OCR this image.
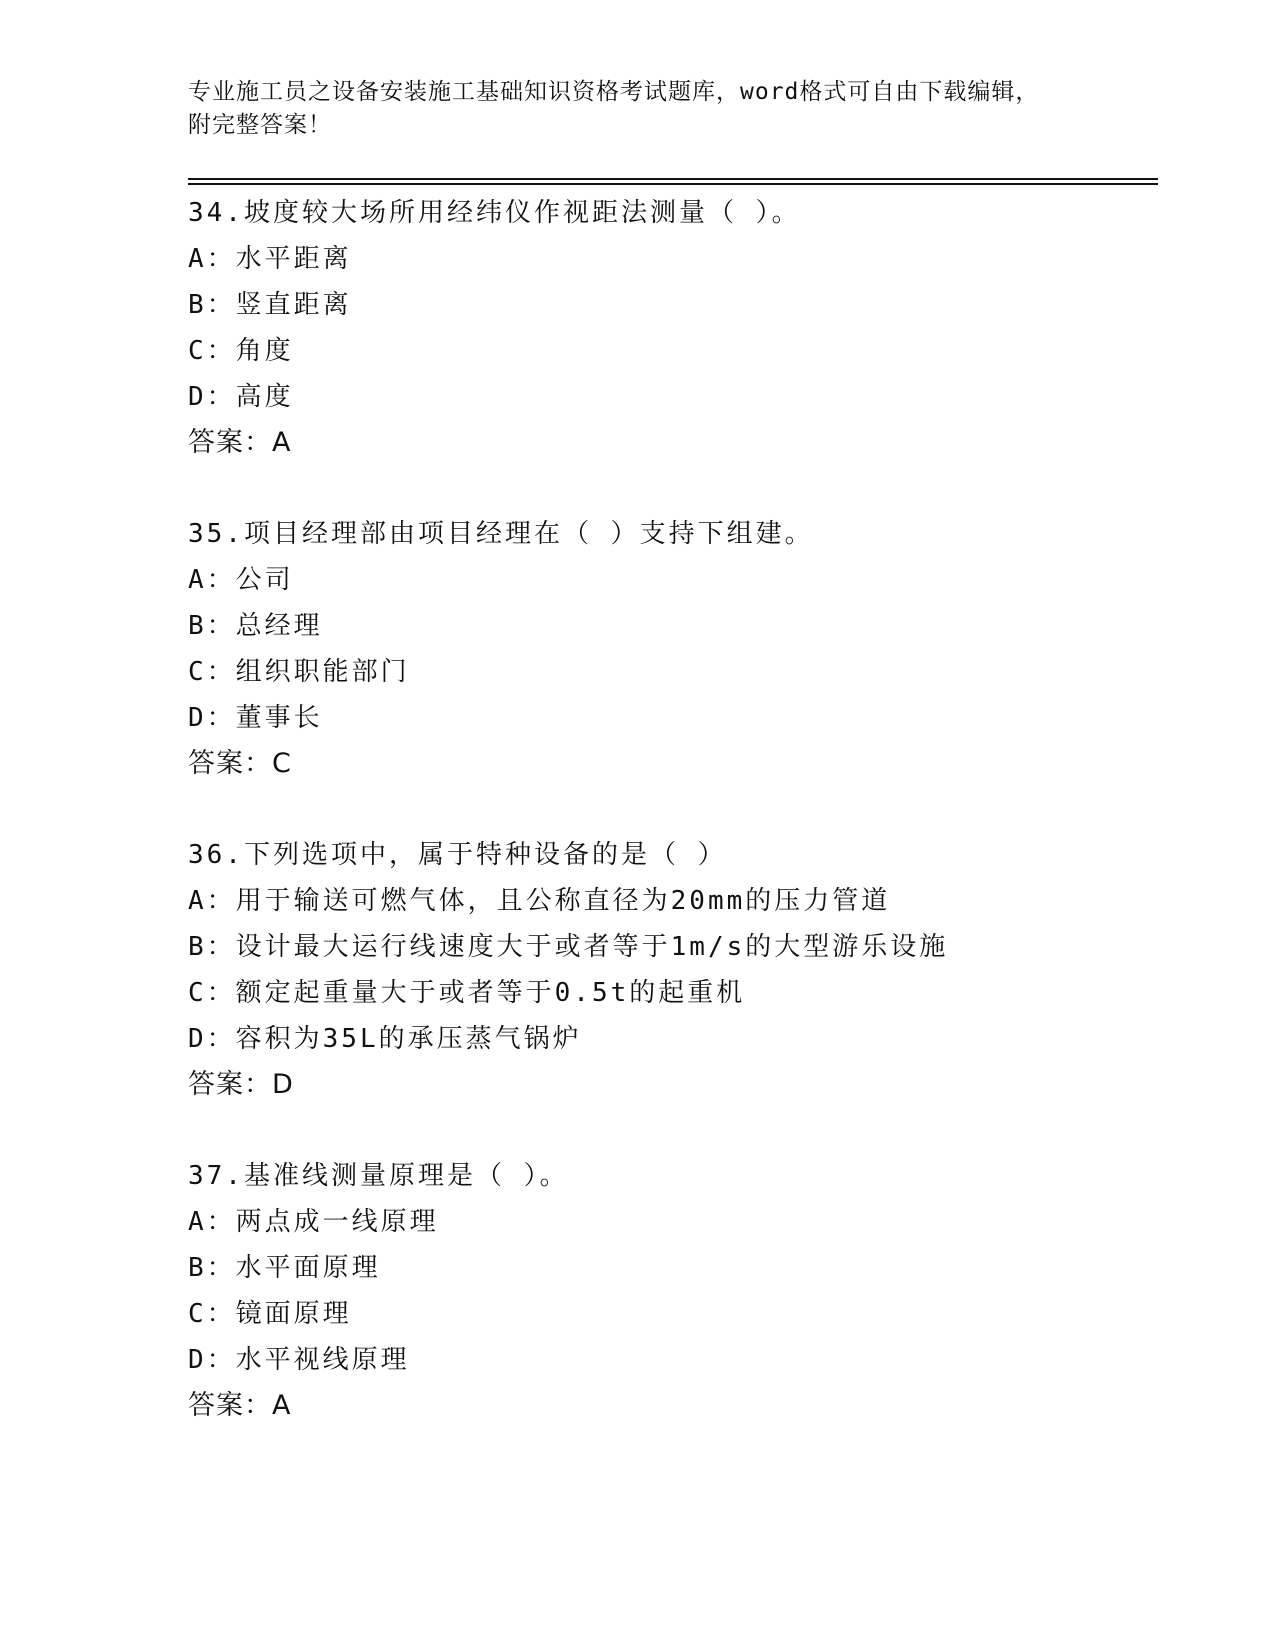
专业施工员之设备安装施工基础知识资格考试题库，word格式可自由下载编辑，
附完整答案！
34.坡度较大场所用经纬仪作视距法测量（ ）。
A：水平距离
B：竖直距离
C：角度
D：高度
答案：A
35.项目经理部由项目经理在（ ）支持下组建。
A：公司
B：总经理
C：组织职能部门
D：董事长
答案：C
36.下列选项中，属于特种设备的是（ ）
A：用于输送可燃气体，且公称直径为20mm的压力管道
B：设计最大运行线速度大于或者等于1m/s的大型游乐设施
C：额定起重量大于或者等于0.5t的起重机
D：容积为35L的承压蒸气锅炉
答案：D
37.基准线测量原理是（ ）。
A：两点成一线原理
B：水平面原理
C：镜面原理
D：水平视线原理
答案：A
